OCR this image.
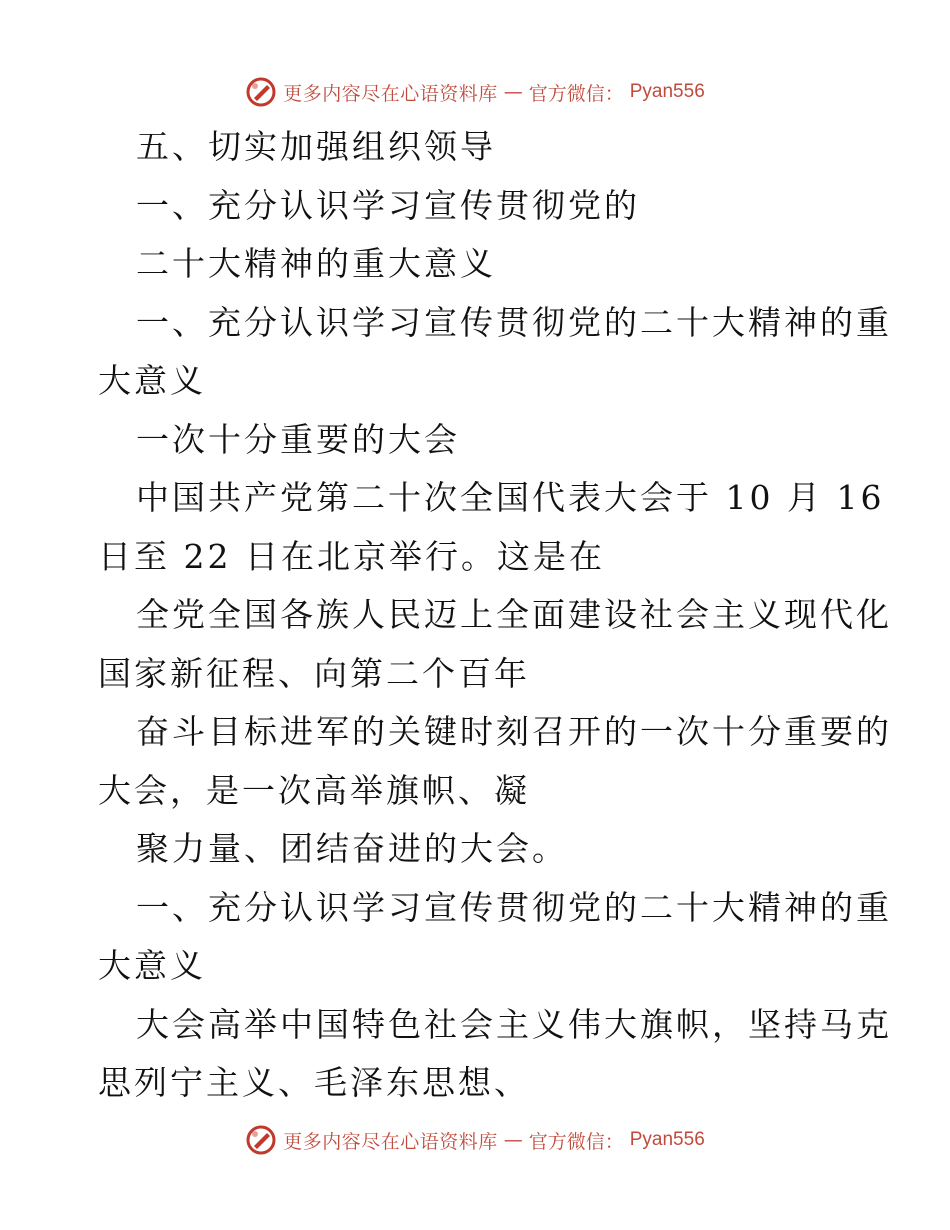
更多内容尽在心语资料库 — 官方微信： Pyan556
五、切实加强组织领导
一、充分认识学习宣传贯彻党的
二十大精神的重大意义
一、充分认识学习宣传贯彻党的二十大精神的重
大意义
一次十分重要的大会
中国共产党第二十次全国代表大会于 10 月 16
日至 22 日在北京举行。这是在
全党全国各族人民迈上全面建设社会主义现代化
国家新征程、向第二个百年
奋斗目标进军的关键时刻召开的一次十分重要的
大会，是一次高举旗帜、凝
聚力量、团结奋进的大会。
一、充分认识学习宣传贯彻党的二十大精神的重
大意义
大会高举中国特色社会主义伟大旗帜，坚持马克
思列宁主义、毛泽东思想、
更多内容尽在心语资料库 — 官方微信： Pyan556
